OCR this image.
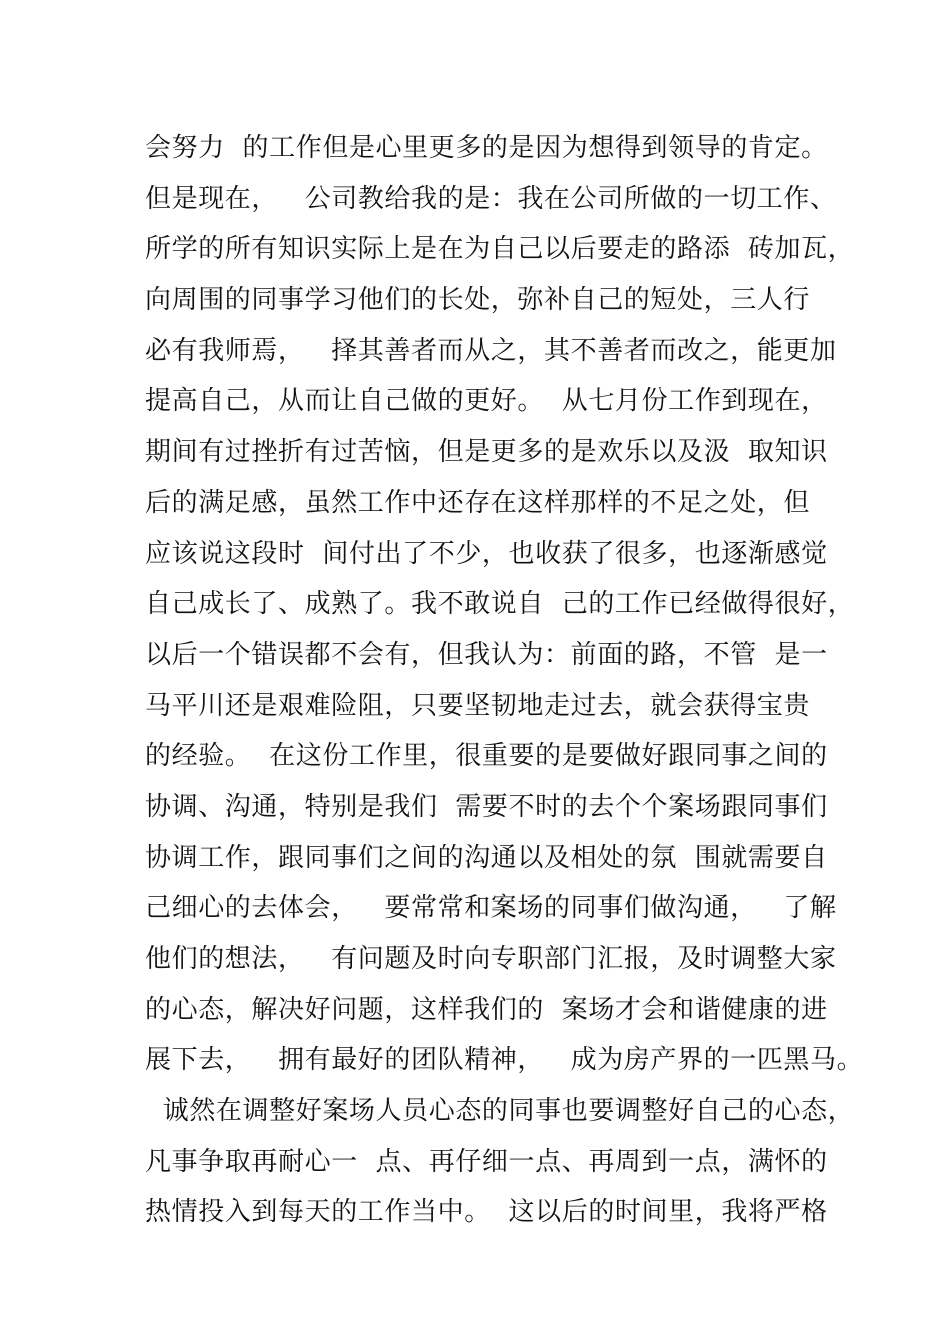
会努力  的工作但是心里更多的是因为想得到领导的肯定。
但是现在，   公司教给我的是：我在公司所做的一切工作、
所学的所有知识实际上是在为自己以后要走的路添  砖加瓦，
向周围的同事学习他们的长处，弥补自己的短处，三人行
必有我师焉，   择其善者而从之，其不善者而改之，能更加
提高自己，从而让自己做的更好。  从七月份工作到现在，
期间有过挫折有过苦恼，但是更多的是欢乐以及汲  取知识
后的满足感，虽然工作中还存在这样那样的不足之处，但
应该说这段时  间付出了不少，也收获了很多，也逐渐感觉
自己成长了、成熟了。我不敢说自  己的工作已经做得很好，
以后一个错误都不会有，但我认为：前面的路，不管  是一
马平川还是艰难险阻，只要坚韧地走过去，就会获得宝贵
的经验。  在这份工作里，很重要的是要做好跟同事之间的
协调、沟通，特别是我们  需要不时的去个个案场跟同事们
协调工作，跟同事们之间的沟通以及相处的氛  围就需要自
己细心的去体会，   要常常和案场的同事们做沟通，   了解
他们的想法，   有问题及时向专职部门汇报，及时调整大家
的心态，解决好问题，这样我们的  案场才会和谐健康的进
展下去，   拥有最好的团队精神，   成为房产界的一匹黑马。
诚然在调整好案场人员心态的同事也要调整好自己的心态，
凡事争取再耐心一  点、再仔细一点、再周到一点，满怀的
热情投入到每天的工作当中。  这以后的时间里，我将严格
